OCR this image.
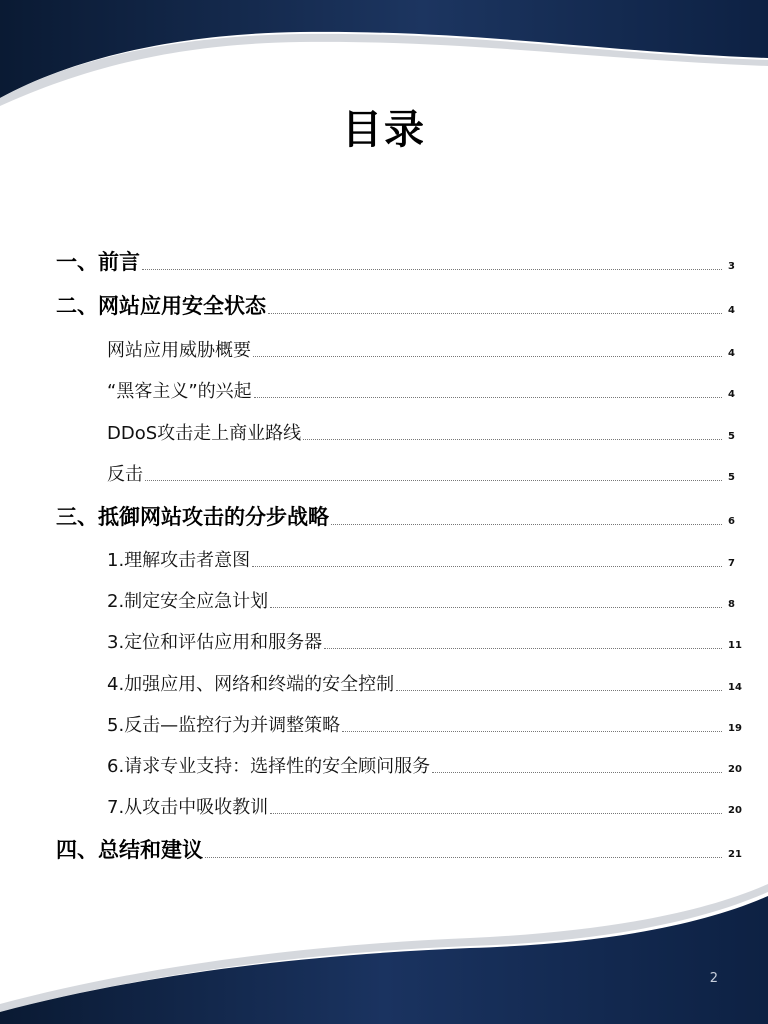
目录
一、前言	3
二、网站应用安全状态	4
网站应用威胁概要	4
“黑客主义”的兴起	4
DDoS攻击走上商业路线	5
反击	5
三、抵御网站攻击的分步战略	6
1.理解攻击者意图	7
2.制定安全应急计划	8
3.定位和评估应用和服务器	11
4.加强应用、网络和终端的安全控制	14
5.反击—监控行为并调整策略	19
6.请求专业支持：选择性的安全顾问服务	20
7.从攻击中吸收教训	20
四、总结和建议	21
2
